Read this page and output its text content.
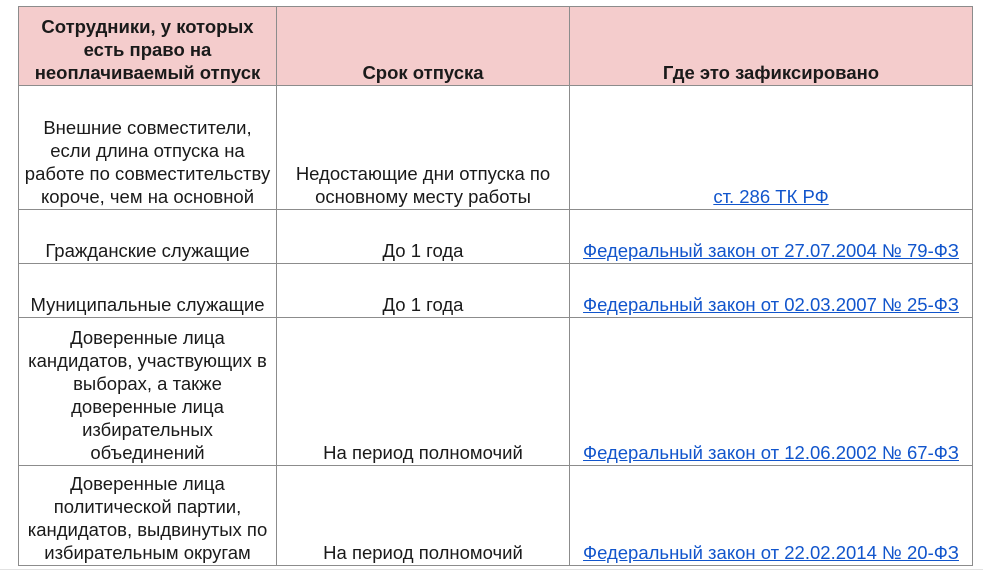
Сотрудники, у которых есть право на неоплачиваемый отпуск	Срок отпуска	Где это зафиксировано
Внешние совместители, если длина отпуска на работе по совместительству короче, чем на основной	Недостающие дни отпуска по основному месту работы	ст. 286 ТК РФ
Гражданские служащие	До 1 года	Федеральный закон от 27.07.2004 № 79-ФЗ
Муниципальные служащие	До 1 года	Федеральный закон от 02.03.2007 № 25-ФЗ
Доверенные лица кандидатов, участвующих в выборах, а также доверенные лица избирательных объединений	На период полномочий	Федеральный закон от 12.06.2002 № 67-ФЗ
Доверенные лица политической партии, кандидатов, выдвинутых по избирательным округам	На период полномочий	Федеральный закон от 22.02.2014 № 20-ФЗ
